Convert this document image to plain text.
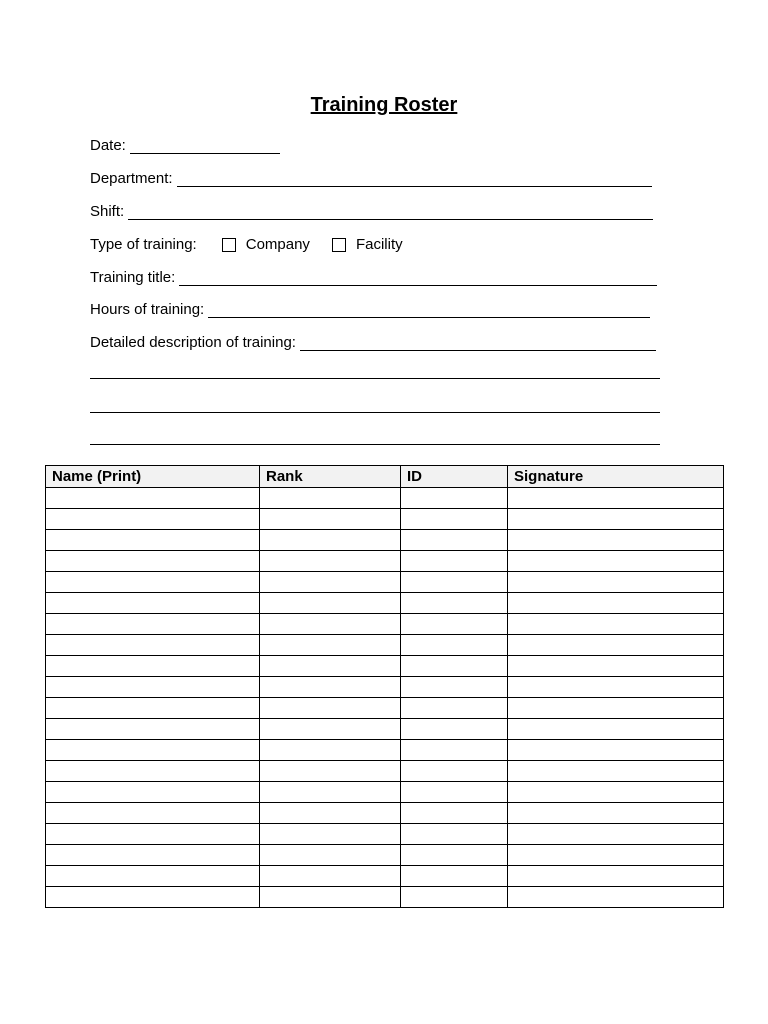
Training Roster
Date:
Department:
Shift:
Type of training:	Company	Facility
Training title:
Hours of training:
Detailed description of training:
Name (Print)	Rank	ID	Signature
